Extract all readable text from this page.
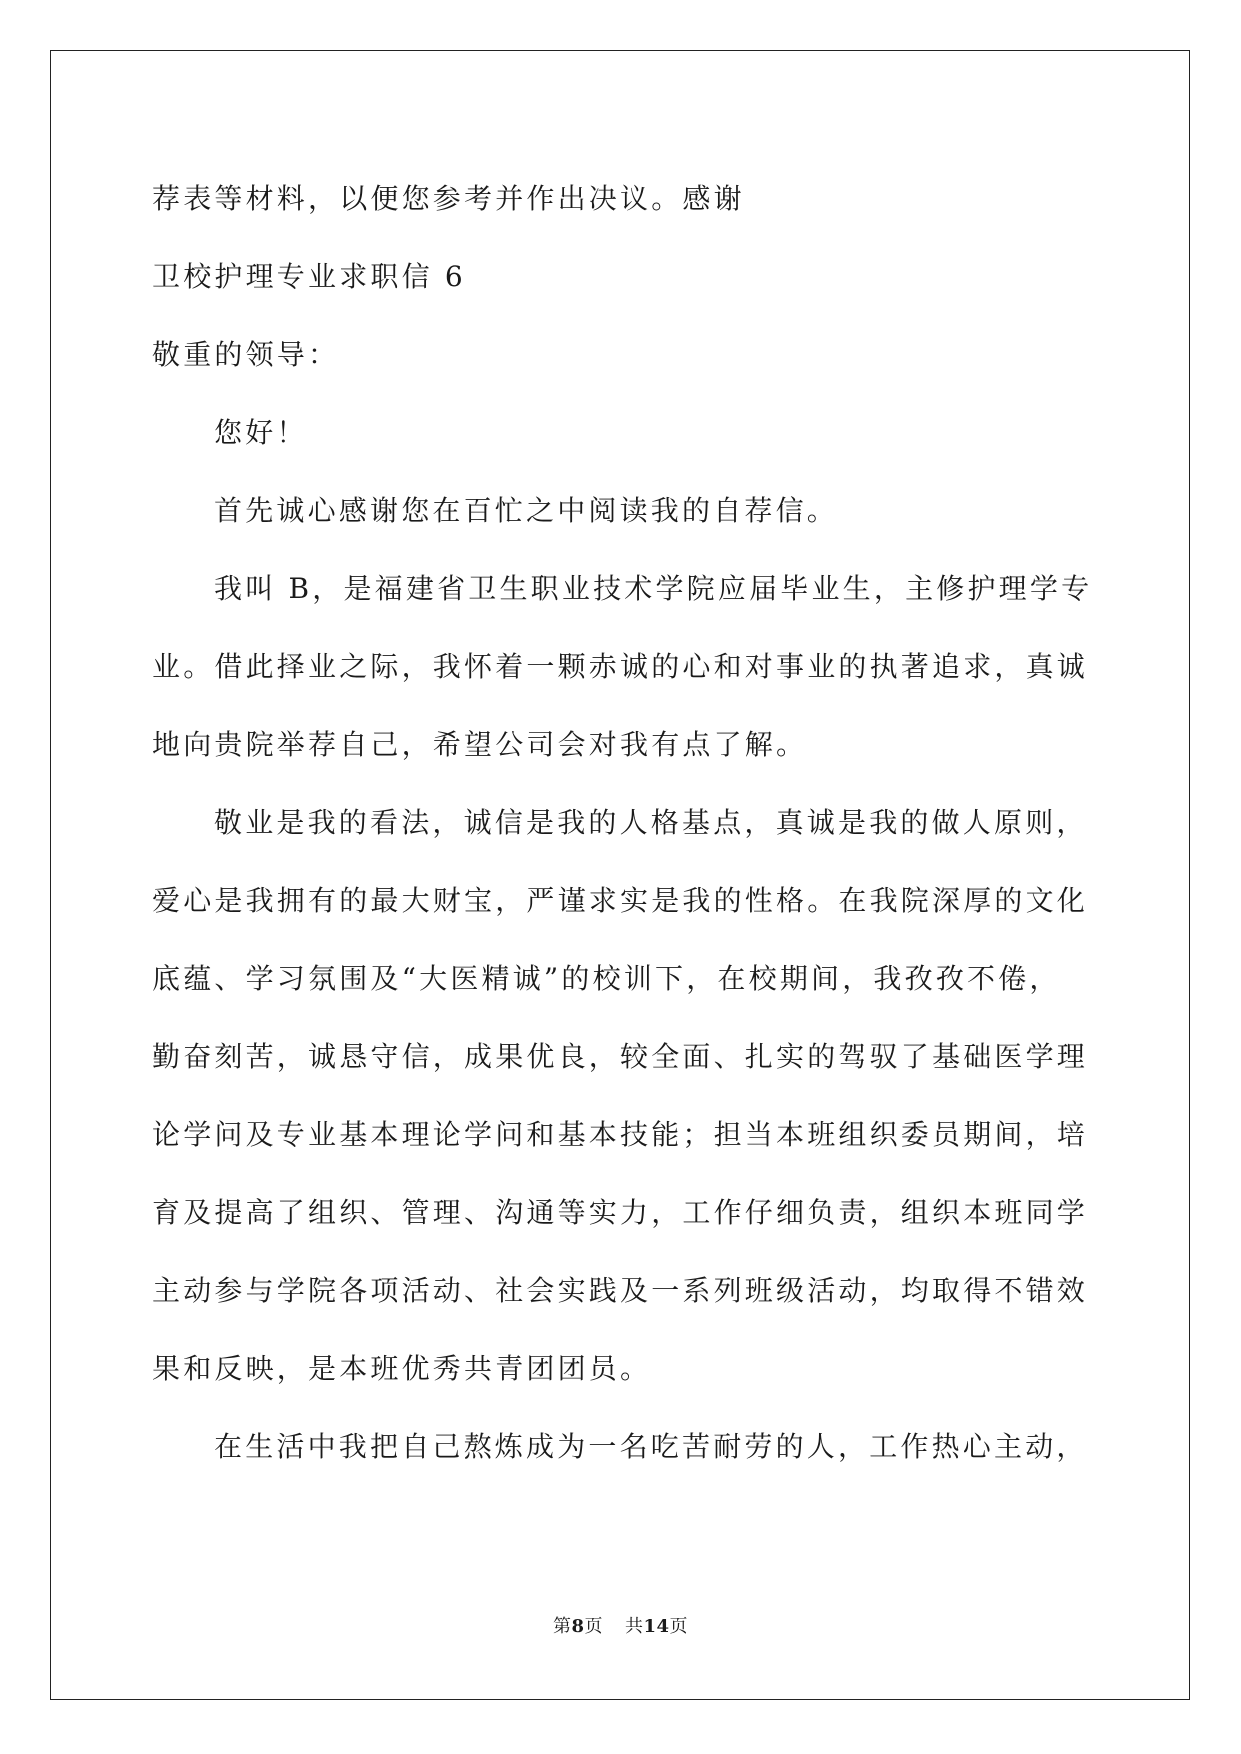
荐表等材料，以便您参考并作出决议。感谢
卫校护理专业求职信 6
敬重的领导：
您好！
首先诚心感谢您在百忙之中阅读我的自荐信。
我叫 B，是福建省卫生职业技术学院应届毕业生，主修护理学专
业。借此择业之际，我怀着一颗赤诚的心和对事业的执著追求，真诚
地向贵院举荐自己，希望公司会对我有点了解。
敬业是我的看法，诚信是我的人格基点，真诚是我的做人原则，
爱心是我拥有的最大财宝，严谨求实是我的性格。在我院深厚的文化
底蕴、学习氛围及“大医精诚”的校训下，在校期间，我孜孜不倦，
勤奋刻苦，诚恳守信，成果优良，较全面、扎实的驾驭了基础医学理
论学问及专业基本理论学问和基本技能；担当本班组织委员期间，培
育及提高了组织、管理、沟通等实力，工作仔细负责，组织本班同学
主动参与学院各项活动、社会实践及一系列班级活动，均取得不错效
果和反映，是本班优秀共青团团员。
在生活中我把自己熬炼成为一名吃苦耐劳的人，工作热心主动，
第8页 共14页
